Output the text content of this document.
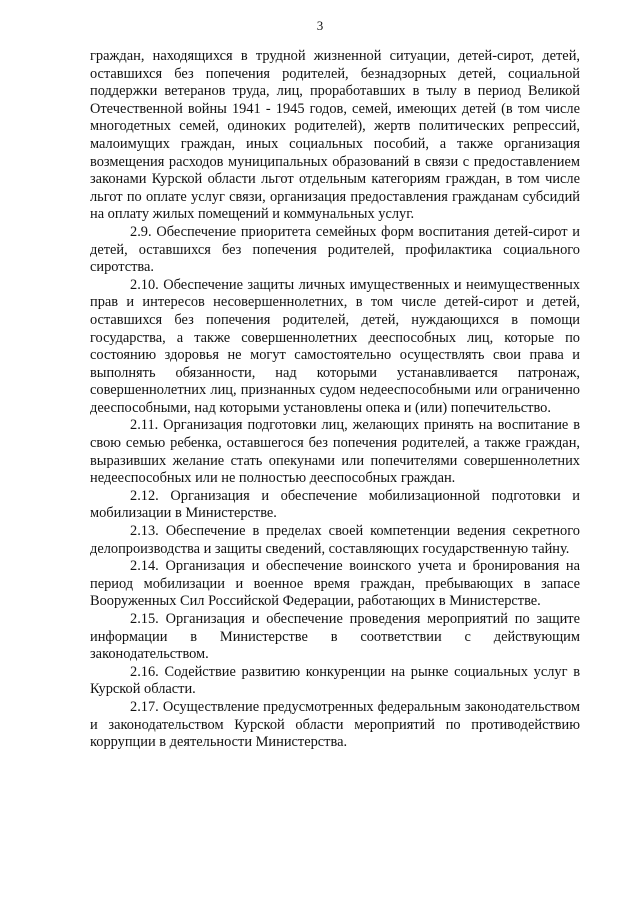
3

граждан, находящихся в трудной жизненной ситуации, детей-сирот, детей, оставшихся без попечения родителей, безнадзорных детей, социальной поддержки ветеранов труда, лиц, проработавших в тылу в период Великой Отечественной войны 1941 - 1945 годов, семей, имеющих детей (в том числе многодетных семей, одиноких родителей), жертв политических репрессий, малоимущих граждан, иных социальных пособий, а также организация возмещения расходов муниципальных образований в связи с предоставлением законами Курской области льгот отдельным категориям граждан, в том числе льгот по оплате услуг связи, организация предоставления гражданам субсидий на оплату жилых помещений и коммунальных услуг.

2.9. Обеспечение приоритета семейных форм воспитания детей-сирот и детей, оставшихся без попечения родителей, профилактика социального сиротства.

2.10. Обеспечение защиты личных имущественных и неимущественных прав и интересов несовершеннолетних, в том числе детей-сирот и детей, оставшихся без попечения родителей, детей, нуждающихся в помощи государства, а также совершеннолетних дееспособных лиц, которые по состоянию здоровья не могут самостоятельно осуществлять свои права и выполнять обязанности, над которыми устанавливается патронаж, совершеннолетних лиц, признанных судом недееспособными или ограниченно дееспособными, над которыми установлены опека и (или) попечительство.

2.11. Организация подготовки лиц, желающих принять на воспитание в свою семью ребенка, оставшегося без попечения родителей, а также граждан, выразивших желание стать опекунами или попечителями совершеннолетних недееспособных или не полностью дееспособных граждан.

2.12. Организация и обеспечение мобилизационной подготовки и мобилизации в Министерстве.

2.13. Обеспечение в пределах своей компетенции ведения секретного делопроизводства и защиты сведений, составляющих государственную тайну.

2.14. Организация и обеспечение воинского учета и бронирования на период мобилизации и военное время граждан, пребывающих в запасе Вооруженных Сил Российской Федерации, работающих в Министерстве.

2.15. Организация и обеспечение проведения мероприятий по защите информации в Министерстве в соответствии с действующим законодательством.

2.16. Содействие развитию конкуренции на рынке социальных услуг в Курской области.

2.17. Осуществление предусмотренных федеральным законодательством и законодательством Курской области мероприятий по противодействию коррупции в деятельности Министерства.
